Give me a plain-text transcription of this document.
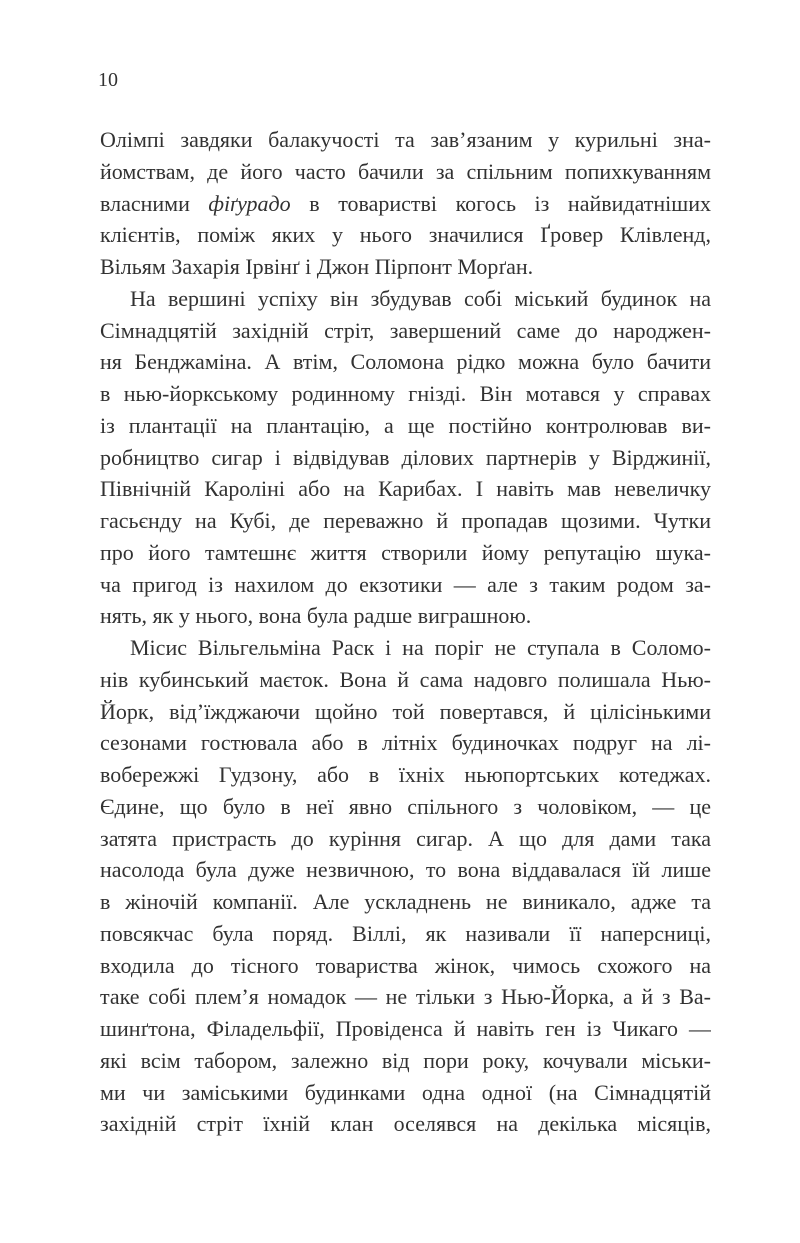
10
Олімпі завдяки балакучості та зав’язаним у курильні зна-
йомствам, де його часто бачили за спільним попихкуванням
власними фіґурадо в товаристві когось із найвидатніших
клієнтів, поміж яких у нього значилися Ґровер Клівленд,
Вільям Захарія Ірвінґ і Джон Пірпонт Морґан.
На вершині успіху він збудував собі міський будинок на
Сімнадцятій західній стріт, завершений саме до народжен-
ня Бенджаміна. А втім, Соломона рідко можна було бачити
в нью-йоркському родинному гнізді. Він мотався у справах
із плантації на плантацію, а ще постійно контролював ви-
робництво сигар і відвідував ділових партнерів у Вірджинії,
Північній Кароліні або на Карибах. І навіть мав невеличку
гасьєнду на Кубі, де переважно й пропадав щозими. Чутки
про його тамтешнє життя створили йому репутацію шука-
ча пригод із нахилом до екзотики — але з таким родом за-
нять, як у нього, вона була радше виграшною.
Місис Вільгельміна Раск і на поріг не ступала в Соломо-
нів кубинський маєток. Вона й сама надовго полишала Нью-
Йорк, від’їжджаючи щойно той повертався, й цілісінькими
сезонами гостювала або в літніх будиночках подруг на лі-
вобережжі Гудзону, або в їхніх ньюпортських котеджах.
Єдине, що було в неї явно спільного з чоловіком, — це
затята пристрасть до куріння сигар. А що для дами така
насолода була дуже незвичною, то вона віддавалася їй лише
в жіночій компанії. Але ускладнень не виникало, адже та
повсякчас була поряд. Віллі, як називали її наперсниці,
входила до тісного товариства жінок, чимось схожого на
таке собі плем’я номадок — не тільки з Нью-Йорка, а й з Ва-
шинґтона, Філадельфії, Провіденса й навіть ген із Чикаго —
які всім табором, залежно від пори року, кочували міськи-
ми чи заміськими будинками одна одної (на Сімнадцятій
західній стріт їхній клан оселявся на декілька місяців,
